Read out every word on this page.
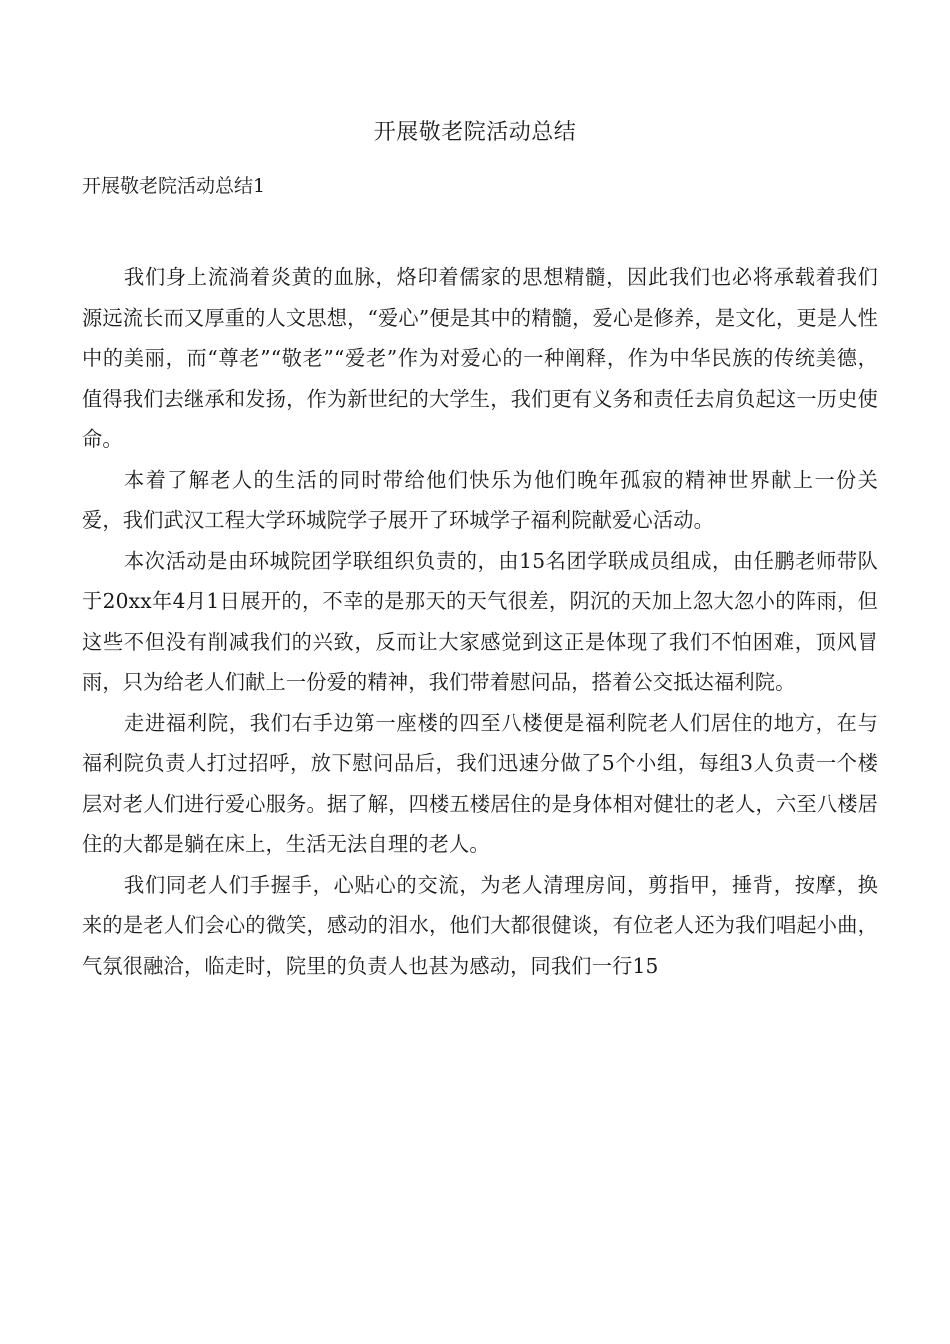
开展敬老院活动总结
开展敬老院活动总结1

我们身上流淌着炎黄的血脉，烙印着儒家的思想精髓，因此我们也必将承载着我们源远流长而又厚重的人文思想，“爱心”便是其中的精髓，爱心是修养，是文化，更是人性中的美丽，而“尊老”“敬老”“爱老”作为对爱心的一种阐释，作为中华民族的传统美德，值得我们去继承和发扬，作为新世纪的大学生，我们更有义务和责任去肩负起这一历史使命。

本着了解老人的生活的同时带给他们快乐为他们晚年孤寂的精神世界献上一份关爱，我们武汉工程大学环城院学子展开了环城学子福利院献爱心活动。

本次活动是由环城院团学联组织负责的，由15名团学联成员组成，由任鹏老师带队于20xx年4月1日展开的，不幸的是那天的天气很差，阴沉的天加上忽大忽小的阵雨，但这些不但没有削减我们的兴致，反而让大家感觉到这正是体现了我们不怕困难，顶风冒雨，只为给老人们献上一份爱的精神，我们带着慰问品，搭着公交抵达福利院。

走进福利院，我们右手边第一座楼的四至八楼便是福利院老人们居住的地方，在与福利院负责人打过招呼，放下慰问品后，我们迅速分做了5个小组，每组3人负责一个楼层对老人们进行爱心服务。据了解，四楼五楼居住的是身体相对健壮的老人，六至八楼居住的大都是躺在床上，生活无法自理的老人。

我们同老人们手握手，心贴心的交流，为老人清理房间，剪指甲，捶背，按摩，换来的是老人们会心的微笑，感动的泪水，他们大都很健谈，有位老人还为我们唱起小曲，气氛很融洽，临走时，院里的负责人也甚为感动，同我们一行15
